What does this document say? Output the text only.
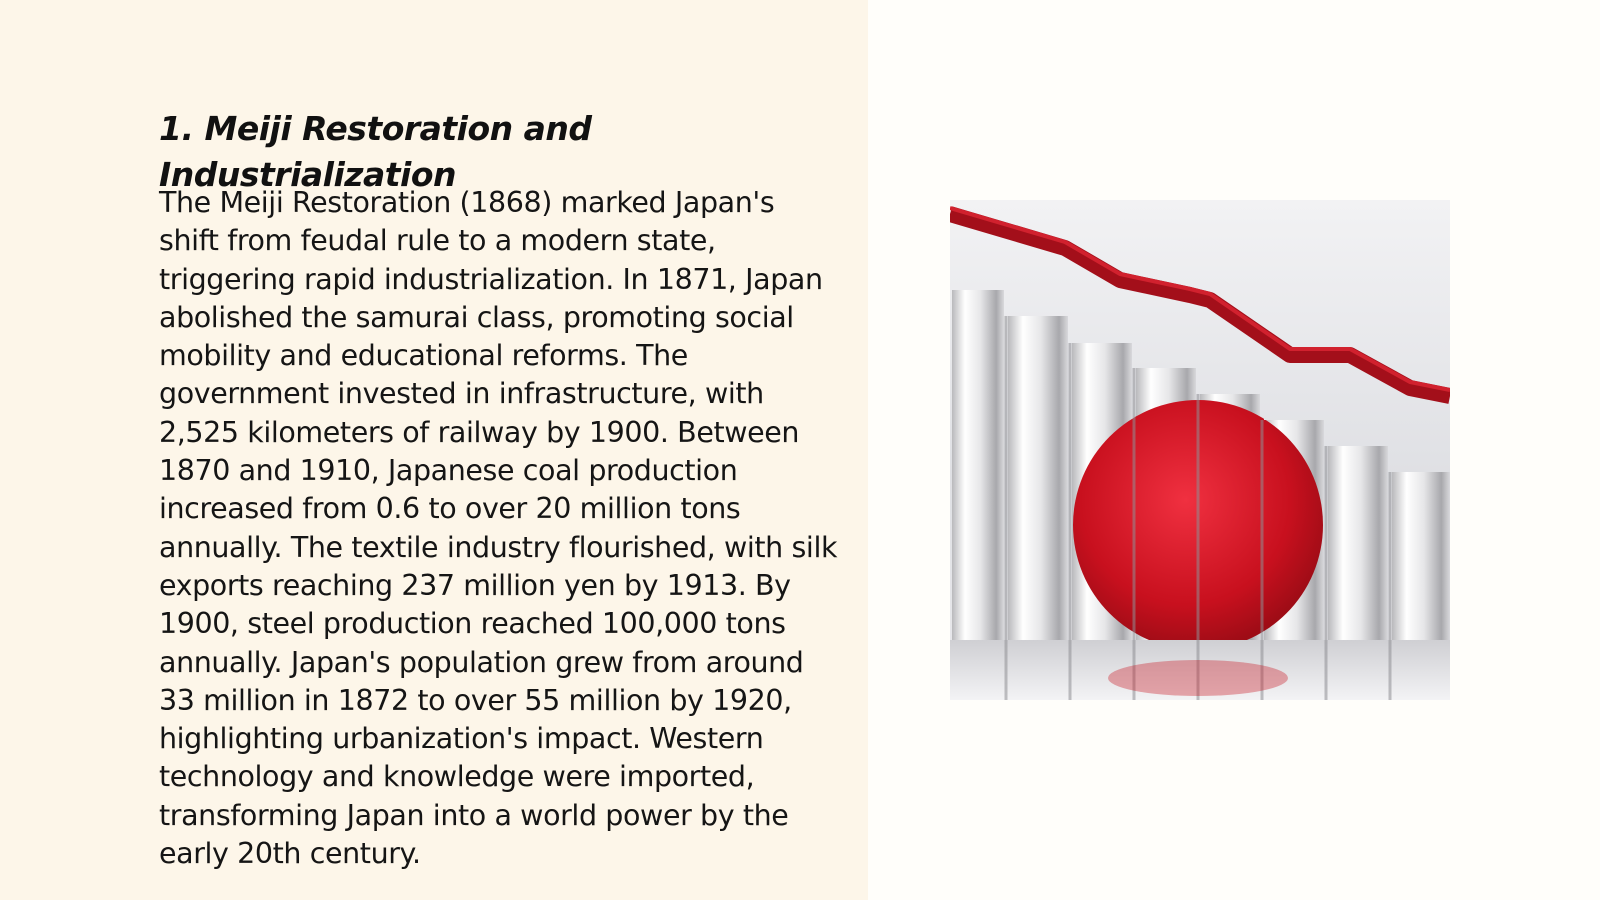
1. Meiji Restoration and Industrialization

The Meiji Restoration (1868) marked Japan's shift from feudal rule to a modern state, triggering rapid industrialization. In 1871, Japan abolished the samurai class, promoting social mobility and educational reforms. The government invested in infrastructure, with 2,525 kilometers of railway by 1900. Between 1870 and 1910, Japanese coal production increased from 0.6 to over 20 million tons annually. The textile industry flourished, with silk exports reaching 237 million yen by 1913. By 1900, steel production reached 100,000 tons annually. Japan's population grew from around 33 million in 1872 to over 55 million by 1920, highlighting urbanization's impact. Western technology and knowledge were imported, transforming Japan into a world power by the early 20th century.
